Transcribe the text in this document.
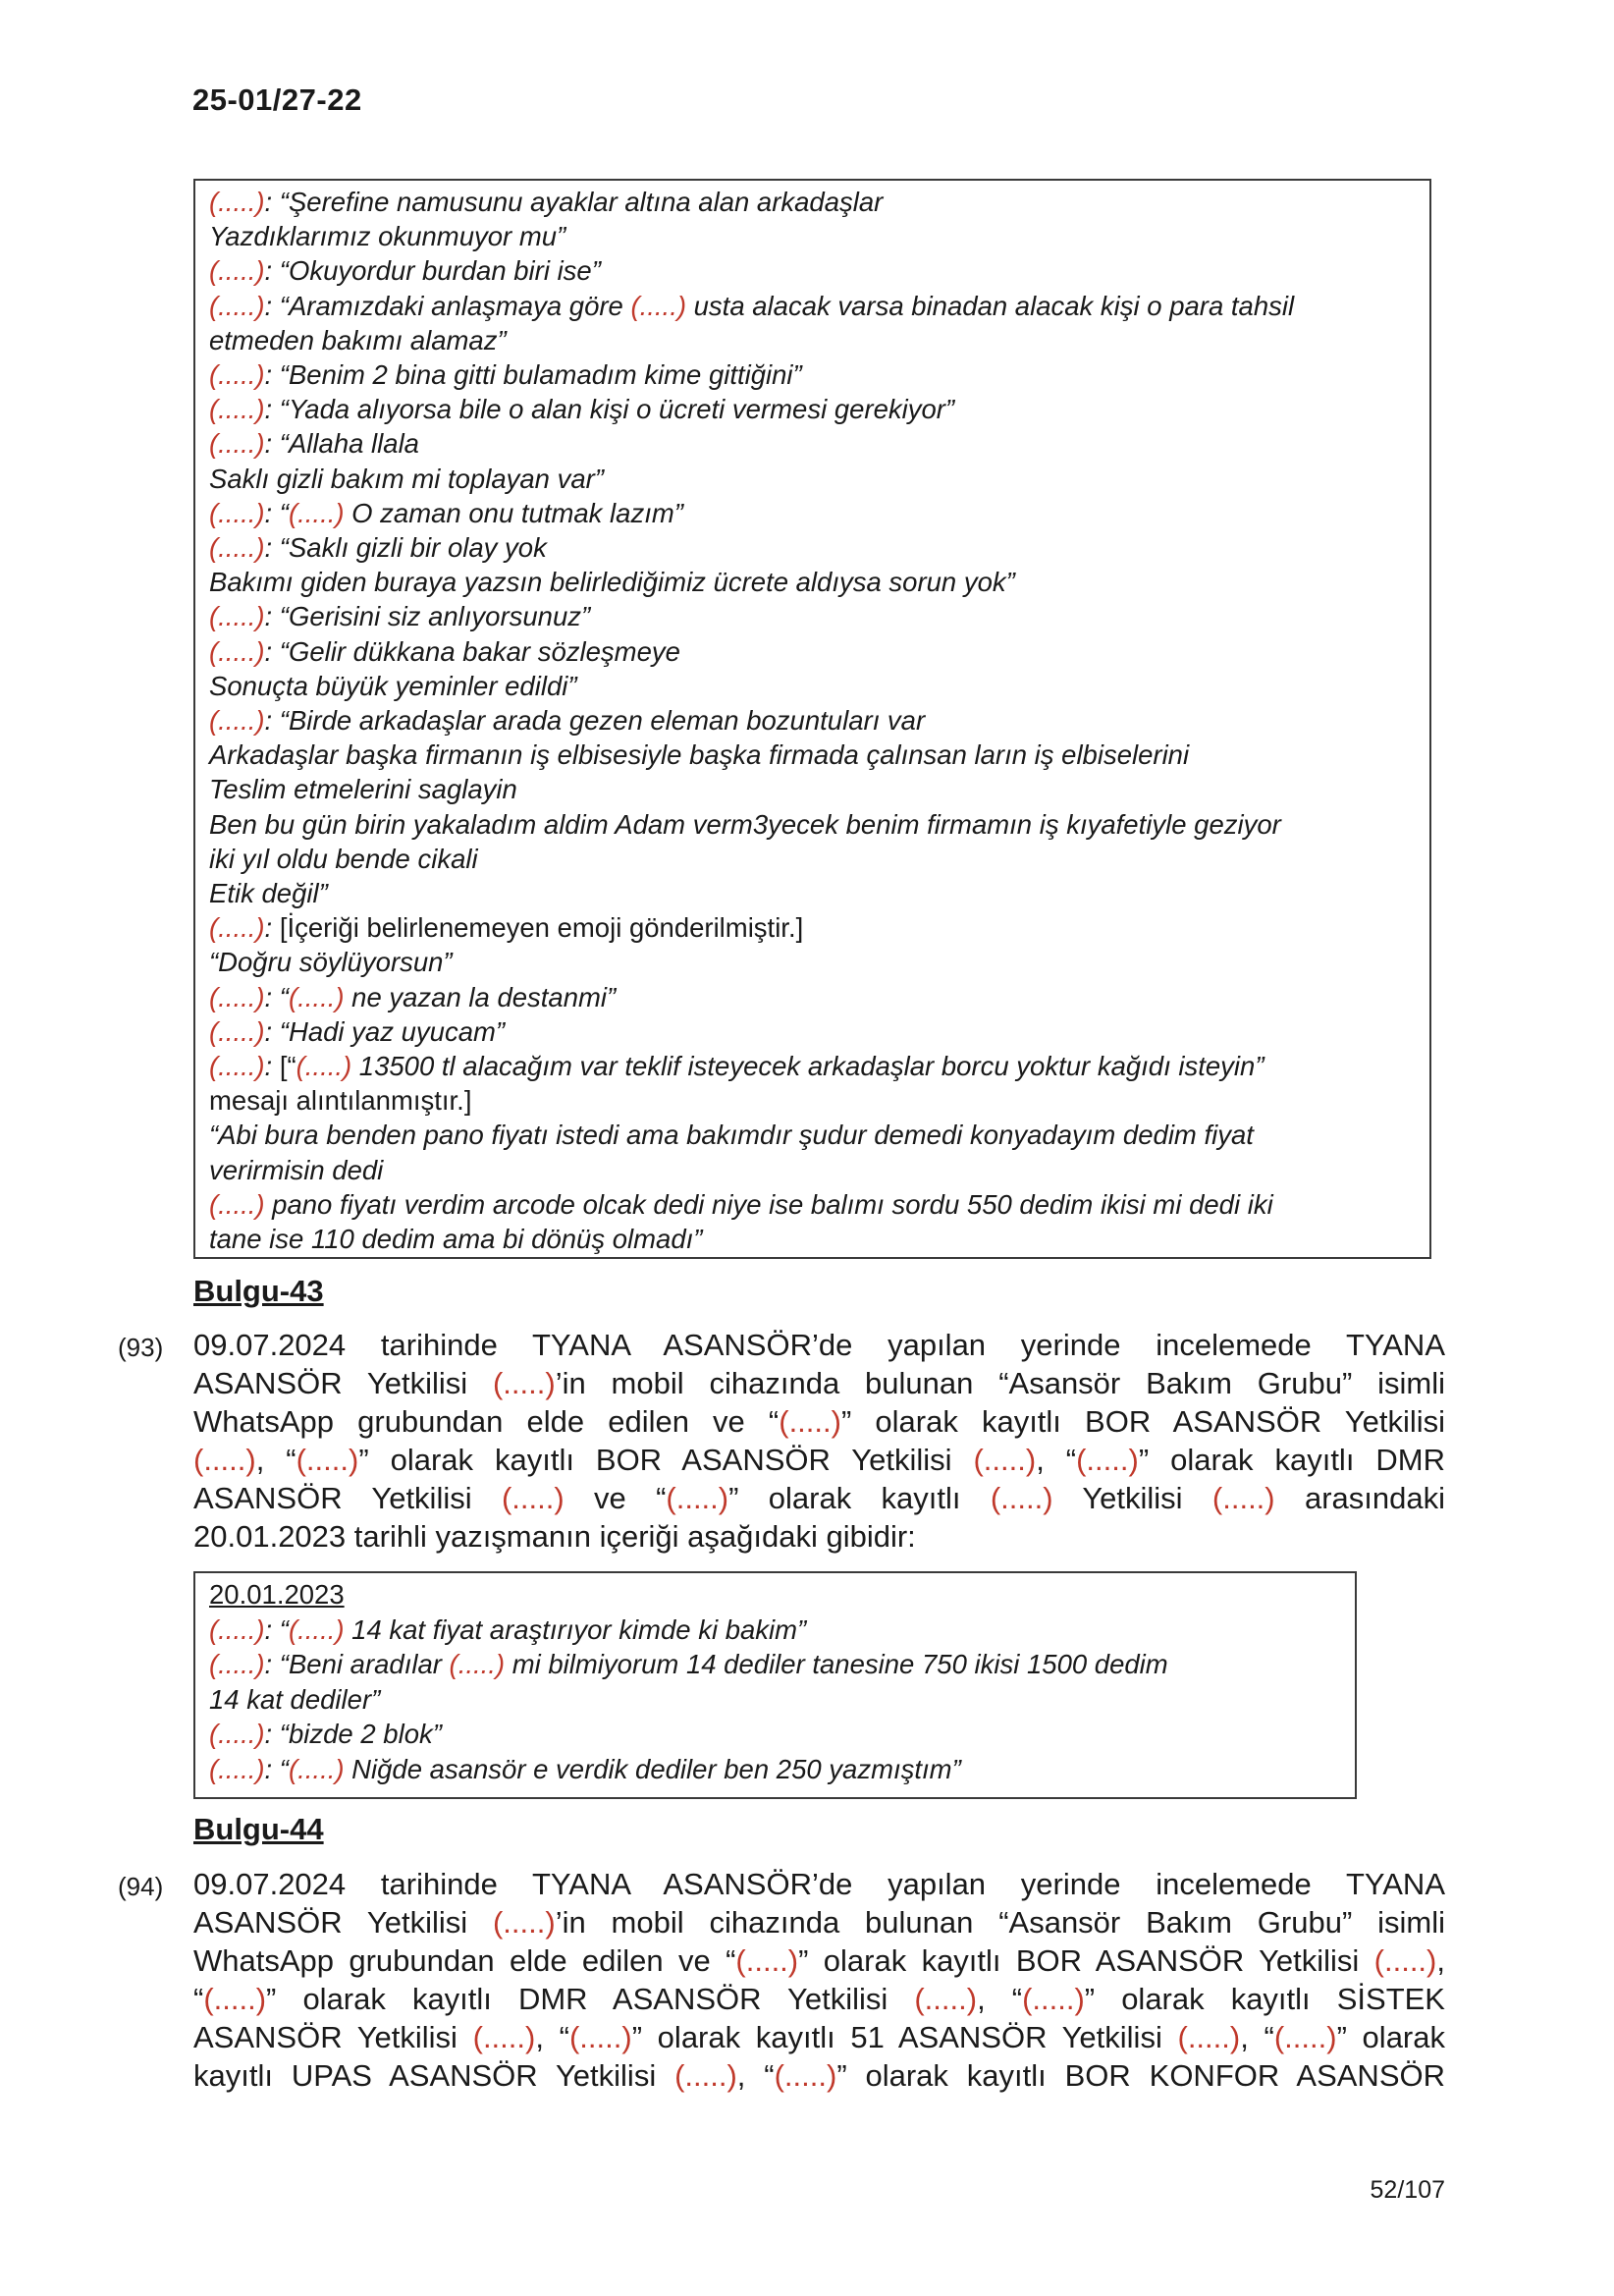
25-01/27-22
(.....): “Şerefine namusunu ayaklar altına alan arkadaşlar
Yazdıklarımız okunmuyor mu”
(.....): “Okuyordur burdan biri ise”
(.....): “Aramızdaki anlaşmaya göre (.....) usta alacak varsa binadan alacak kişi o para tahsil
etmeden bakımı alamaz”
(.....): “Benim 2 bina gitti bulamadım kime gittiğini”
(.....): “Yada alıyorsa bile o alan kişi o ücreti vermesi gerekiyor”
(.....): “Allaha llala
Saklı gizli bakım mi toplayan var”
(.....): “(.....) O zaman onu tutmak lazım”
(.....): “Saklı gizli bir olay yok
Bakımı giden buraya yazsın belirlediğimiz ücrete aldıysa sorun yok”
(.....): “Gerisini siz anlıyorsunuz”
(.....): “Gelir dükkana bakar sözleşmeye
Sonuçta büyük yeminler edildi”
(.....): “Birde arkadaşlar arada gezen eleman bozuntuları var
Arkadaşlar başka firmanın iş elbisesiyle başka firmada çalınsan ların iş elbiselerini
Teslim etmelerini saglayin
Ben bu gün birin yakaladım aldim Adam verm3yecek benim firmamın iş kıyafetiyle geziyor
iki yıl oldu bende cikali
Etik değil”
(.....): [İçeriği belirlenemeyen emoji gönderilmiştir.]
“Doğru söylüyorsun”
(.....): “(.....) ne yazan la destanmi”
(.....): “Hadi yaz uyucam”
(.....): [“(.....) 13500 tl alacağım var teklif isteyecek arkadaşlar borcu yoktur kağıdı isteyin”
mesajı alıntılanmıştır.]
“Abi bura benden pano fiyatı istedi ama bakımdır şudur demedi konyadayım dedim fiyat
verirmisin dedi
(.....) pano fiyatı verdim arcode olcak dedi niye ise balımı sordu 550 dedim ikisi mi dedi iki
tane ise 110 dedim ama bi dönüş olmadı”
Bulgu-43
(93) 09.07.2024 tarihinde TYANA ASANSÖR’de yapılan yerinde incelemede TYANA
ASANSÖR Yetkilisi (.....)’in mobil cihazında bulunan “Asansör Bakım Grubu” isimli
WhatsApp grubundan elde edilen ve “(.....)” olarak kayıtlı BOR ASANSÖR Yetkilisi
(.....), “(.....)” olarak kayıtlı BOR ASANSÖR Yetkilisi (.....), “(.....)” olarak kayıtlı DMR
ASANSÖR Yetkilisi (.....) ve “(.....)” olarak kayıtlı (.....) Yetkilisi (.....) arasındaki
20.01.2023 tarihli yazışmanın içeriği aşağıdaki gibidir:
20.01.2023
(.....): “(.....) 14 kat fiyat araştırıyor kimde ki bakim”
(.....): “Beni aradılar (.....) mi bilmiyorum 14 dediler tanesine 750 ikisi 1500 dedim
14 kat dediler”
(.....): “bizde 2 blok”
(.....): “(.....) Niğde asansör e verdik dediler ben 250 yazmıştım”
Bulgu-44
(94) 09.07.2024 tarihinde TYANA ASANSÖR’de yapılan yerinde incelemede TYANA
ASANSÖR Yetkilisi (.....)’in mobil cihazında bulunan “Asansör Bakım Grubu” isimli
WhatsApp grubundan elde edilen ve “(.....)” olarak kayıtlı BOR ASANSÖR Yetkilisi (.....),
“(.....)” olarak kayıtlı DMR ASANSÖR Yetkilisi (.....), “(.....)” olarak kayıtlı SİSTEK
ASANSÖR Yetkilisi (.....), “(.....)” olarak kayıtlı 51 ASANSÖR Yetkilisi (.....), “(.....)” olarak
kayıtlı UPAS ASANSÖR Yetkilisi (.....), “(.....)” olarak kayıtlı BOR KONFOR ASANSÖR
52/107
